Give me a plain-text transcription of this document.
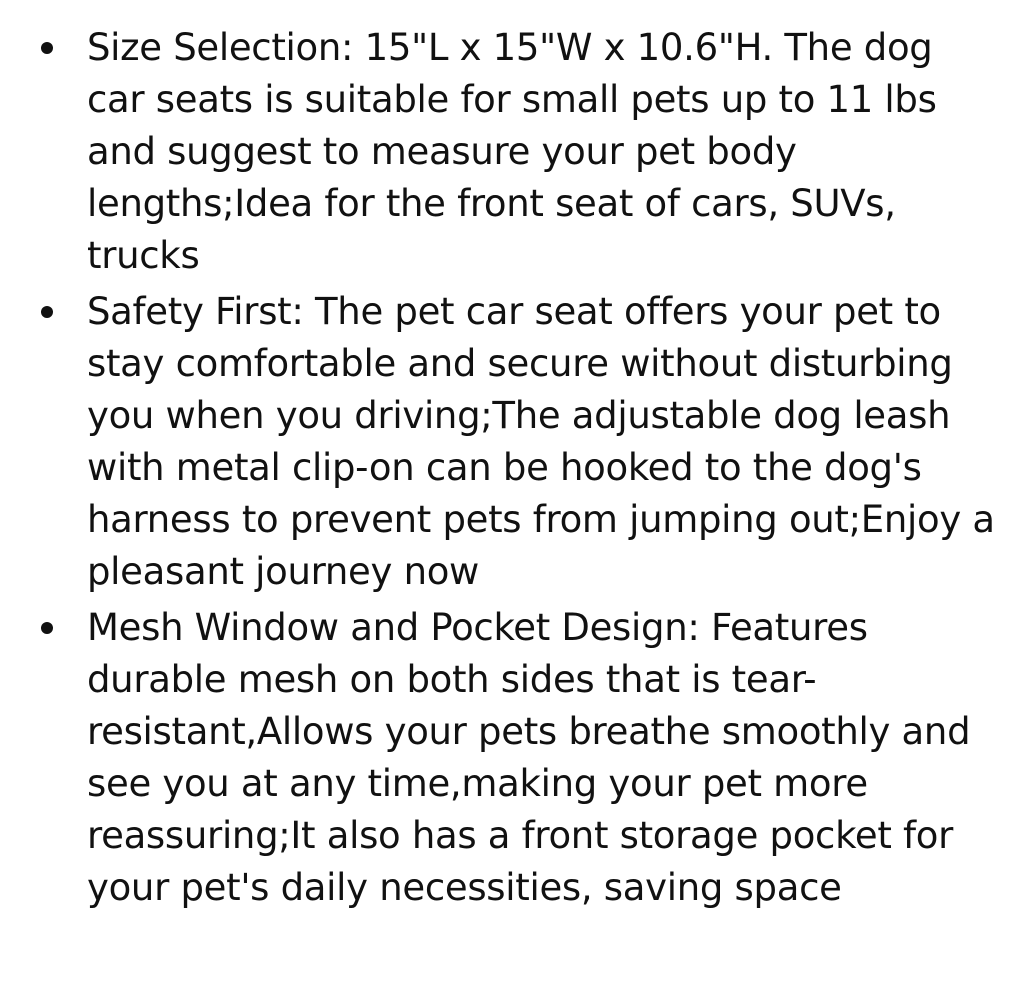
Size Selection: 15"L x 15"W x 10.6"H. The dog car seats is suitable for small pets up to 11 lbs and suggest to measure your pet body lengths;Idea for the front seat of cars, SUVs, trucks
Safety First: The pet car seat offers your pet to stay comfortable and secure without disturbing you when you driving;The adjustable dog leash with metal clip-on can be hooked to the dog's harness to prevent pets from jumping out;Enjoy a pleasant journey now
Mesh Window and Pocket Design: Features durable mesh on both sides that is tear-resistant,Allows your pets breathe smoothly and see you at any time,making your pet more reassuring;It also has a front storage pocket for your pet's daily necessities, saving space
